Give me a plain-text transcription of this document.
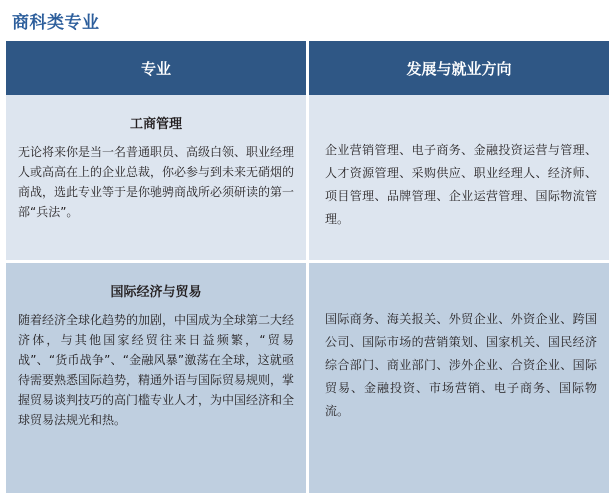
商科类专业
专业	发展与就业方向
工商管理
无论将来你是当一名普通职员、高级白领、职业经理人或高高在上的企业总裁，你必参与到未来无硝烟的商战，选此专业等于是你驰骋商战所必须研读的第一部“兵法”。
企业营销管理、电子商务、金融投资运营与管理、人才资源管理、采购供应、职业经理人、经济师、项目管理、品牌管理、企业运营管理、国际物流管理。
国际经济与贸易
随着经济全球化趋势的加剧，中国成为全球第二大经济体，与其他国家经贸往来日益频繁，“贸易战”、“货币战争”、“金融风暴”激荡在全球，这就亟待需要熟悉国际趋势，精通外语与国际贸易规则，掌握贸易谈判技巧的高门槛专业人才，为中国经济和全球贸易法规光和热。
国际商务、海关报关、外贸企业、外资企业、跨国公司、国际市场的营销策划、国家机关、国民经济综合部门、商业部门、涉外企业、合资企业、国际贸易、金融投资、市场营销、电子商务、国际物流。
